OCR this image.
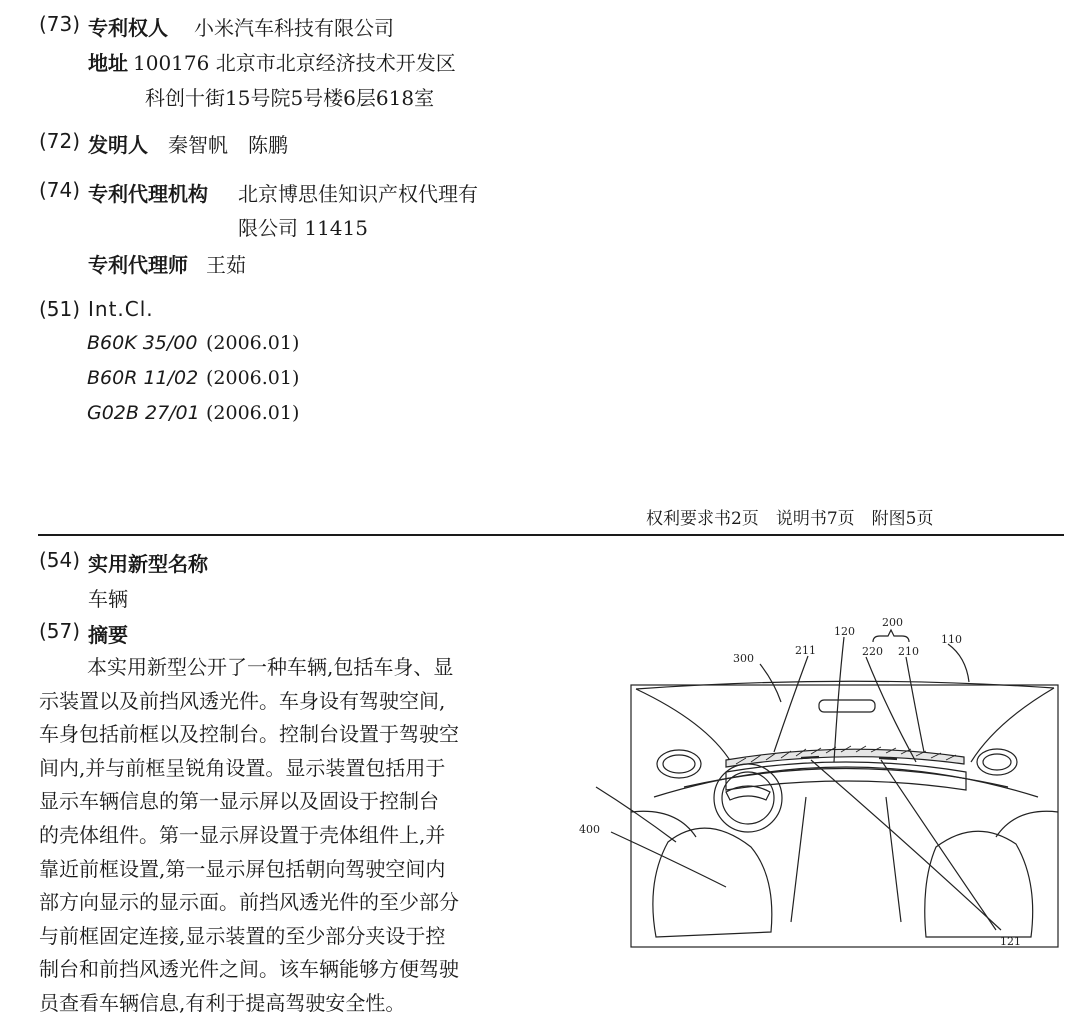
(73) 专利权人 小米汽车科技有限公司
地址 100176 北京市北京经济技术开发区
科创十街15号院5号楼6层618室
(72) 发明人 秦智帆　陈鹏
(74) 专利代理机构 北京博思佳知识产权代理有
限公司 11415
专利代理师 王茹
(51) Int.Cl.
B60K 35/00 (2006.01)
B60R 11/02 (2006.01)
G02B 27/01 (2006.01)
权利要求书2页　说明书7页　附图5页
(54) 实用新型名称
车辆
(57) 摘要
本实用新型公开了一种车辆,包括车身、显
示装置以及前挡风透光件。车身设有驾驶空间,
车身包括前框以及控制台。控制台设置于驾驶空
间内,并与前框呈锐角设置。显示装置包括用于
显示车辆信息的第一显示屏以及固设于控制台
的壳体组件。第一显示屏设置于壳体组件上,并
靠近前框设置,第一显示屏包括朝向驾驶空间内
部方向显示的显示面。前挡风透光件的至少部分
与前框固定连接,显示装置的至少部分夹设于控
制台和前挡风透光件之间。该车辆能够方便驾驶
员查看车辆信息,有利于提高驾驶安全性。
120
200
110
300
211	220 210
400
121
